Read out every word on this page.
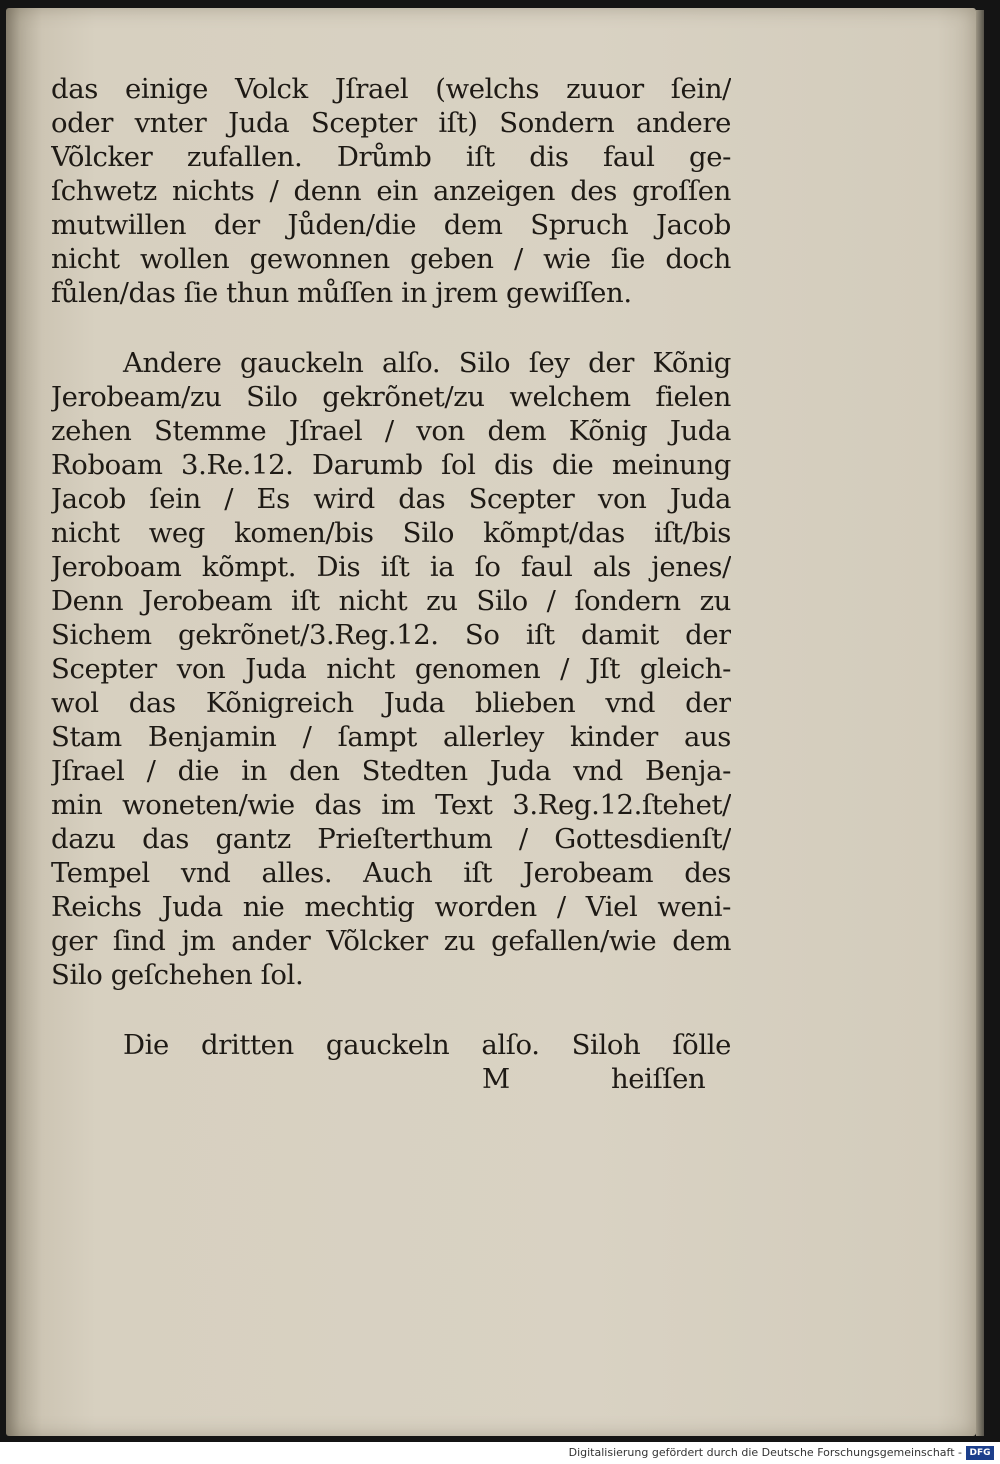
das einige Volck Jſrael (welchs zuuor ſein/
oder vnter Juda Scepter iſt) Sondern andere
Võlcker zufallen. Drůmb iſt dis faul ge-
ſchwetz nichts / denn ein anzeigen des groſſen
mutwillen der Jůden/die dem Spruch Jacob
nicht wollen gewonnen geben / wie ſie doch
fůlen/das ſie thun můſſen in jrem gewiſſen.
Andere gauckeln alſo. Silo ſey der Kõnig
Jerobeam/zu Silo gekrõnet/zu welchem fielen
zehen Stemme Jſrael / von dem Kõnig Juda
Roboam 3.Re.12. Darumb ſol dis die meinung
Jacob ſein / Es wird das Scepter von Juda
nicht weg komen/bis Silo kõmpt/das iſt/bis
Jeroboam kõmpt. Dis iſt ia ſo faul als jenes/
Denn Jerobeam iſt nicht zu Silo / ſondern zu
Sichem gekrõnet/3.Reg.12. So iſt damit der
Scepter von Juda nicht genomen / Jſt gleich-
wol das Kõnigreich Juda blieben vnd der
Stam Benjamin / ſampt allerley kinder aus
Jſrael / die in den Stedten Juda vnd Benja-
min woneten/wie das im Text 3.Reg.12.ſtehet/
dazu das gantz Prieſterthum / Gottesdienſt/
Tempel vnd alles. Auch iſt Jerobeam des
Reichs Juda nie mechtig worden / Viel weni-
ger ſind jm ander Võlcker zu gefallen/wie dem
Silo geſchehen ſol.
Die dritten gauckeln alſo. Siloh ſõlle
M	heiſſen
Digitalisierung gefördert durch die Deutsche Forschungsgemeinschaft - DFG
